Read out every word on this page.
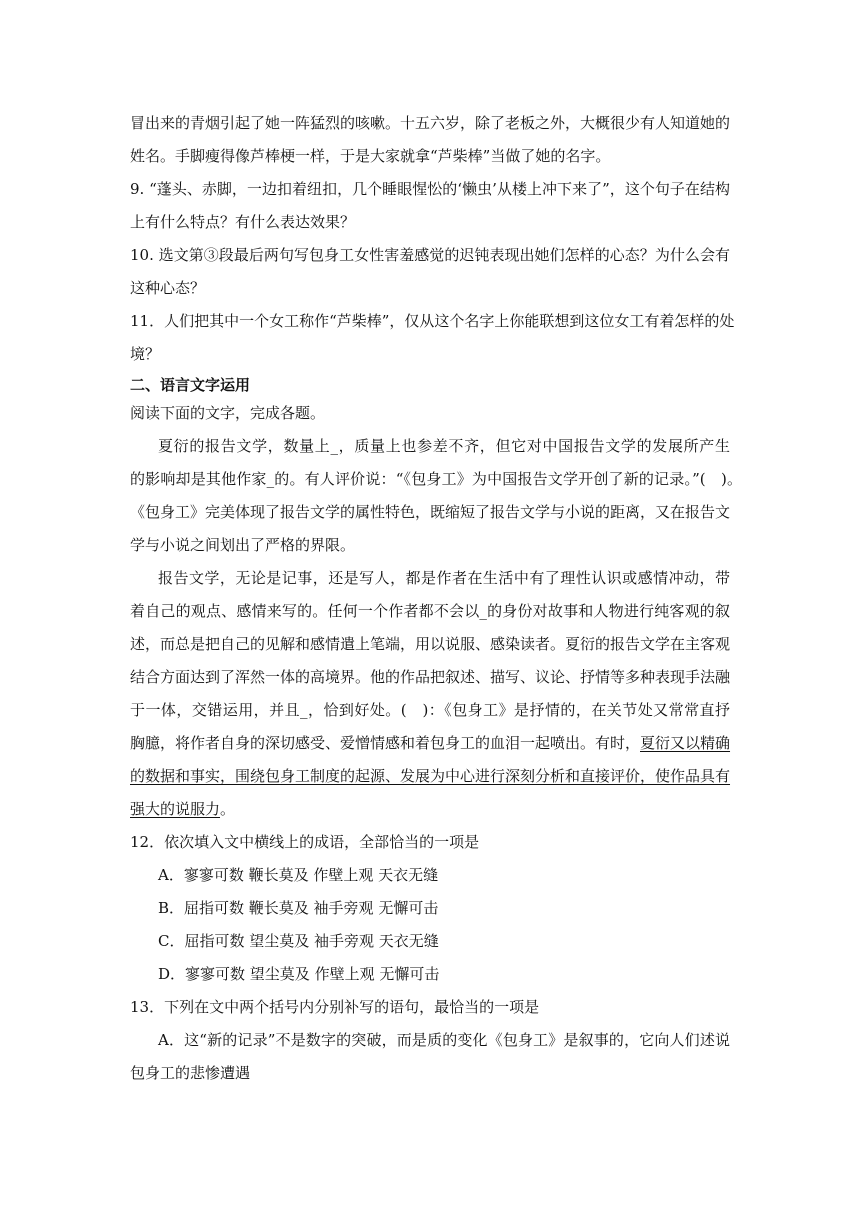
冒出来的青烟引起了她一阵猛烈的咳嗽。十五六岁，除了老板之外，大概很少有人知道她的
姓名。手脚瘦得像芦棒梗一样，于是大家就拿“芦柴棒”当做了她的名字。
9. “蓬头、赤脚，一边扣着纽扣，几个睡眼惺忪的‘懒虫’从楼上冲下来了”，这个句子在结构
上有什么特点？有什么表达效果？
10. 选文第③段最后两句写包身工女性害羞感觉的迟钝表现出她们怎样的心态？为什么会有
这种心态？
11．人们把其中一个女工称作“芦柴棒”，仅从这个名字上你能联想到这位女工有着怎样的处
境？
二、语言文字运用
阅读下面的文字，完成各题。
夏衍的报告文学，数量上_，质量上也参差不齐，但它对中国报告文学的发展所产生
的影响却是其他作家_的。有人评价说：“《包身工》为中国报告文学开创了新的记录。”(　)。
《包身工》完美体现了报告文学的属性特色，既缩短了报告文学与小说的距离，又在报告文
学与小说之间划出了严格的界限。
报告文学，无论是记事，还是写人，都是作者在生活中有了理性认识或感情冲动，带
着自己的观点、感情来写的。任何一个作者都不会以_的身份对故事和人物进行纯客观的叙
述，而总是把自己的见解和感情遣上笔端，用以说服、感染读者。夏衍的报告文学在主客观
结合方面达到了浑然一体的高境界。他的作品把叙述、描写、议论、抒情等多种表现手法融
于一体，交错运用，并且_，恰到好处。(　)：《包身工》是抒情的，在关节处又常常直抒
胸臆，将作者自身的深切感受、爱憎情感和着包身工的血泪一起喷出。有时，夏衍又以精确
的数据和事实，围绕包身工制度的起源、发展为中心进行深刻分析和直接评价，使作品具有
强大的说服力。
12．依次填入文中横线上的成语，全部恰当的一项是
A．寥寥可数 鞭长莫及 作壁上观 天衣无缝
B．屈指可数 鞭长莫及 袖手旁观 无懈可击
C．屈指可数 望尘莫及 袖手旁观 天衣无缝
D．寥寥可数 望尘莫及 作壁上观 无懈可击
13．下列在文中两个括号内分别补写的语句，最恰当的一项是
A．这“新的记录”不是数字的突破，而是质的变化《包身工》是叙事的，它向人们述说
包身工的悲惨遭遇
